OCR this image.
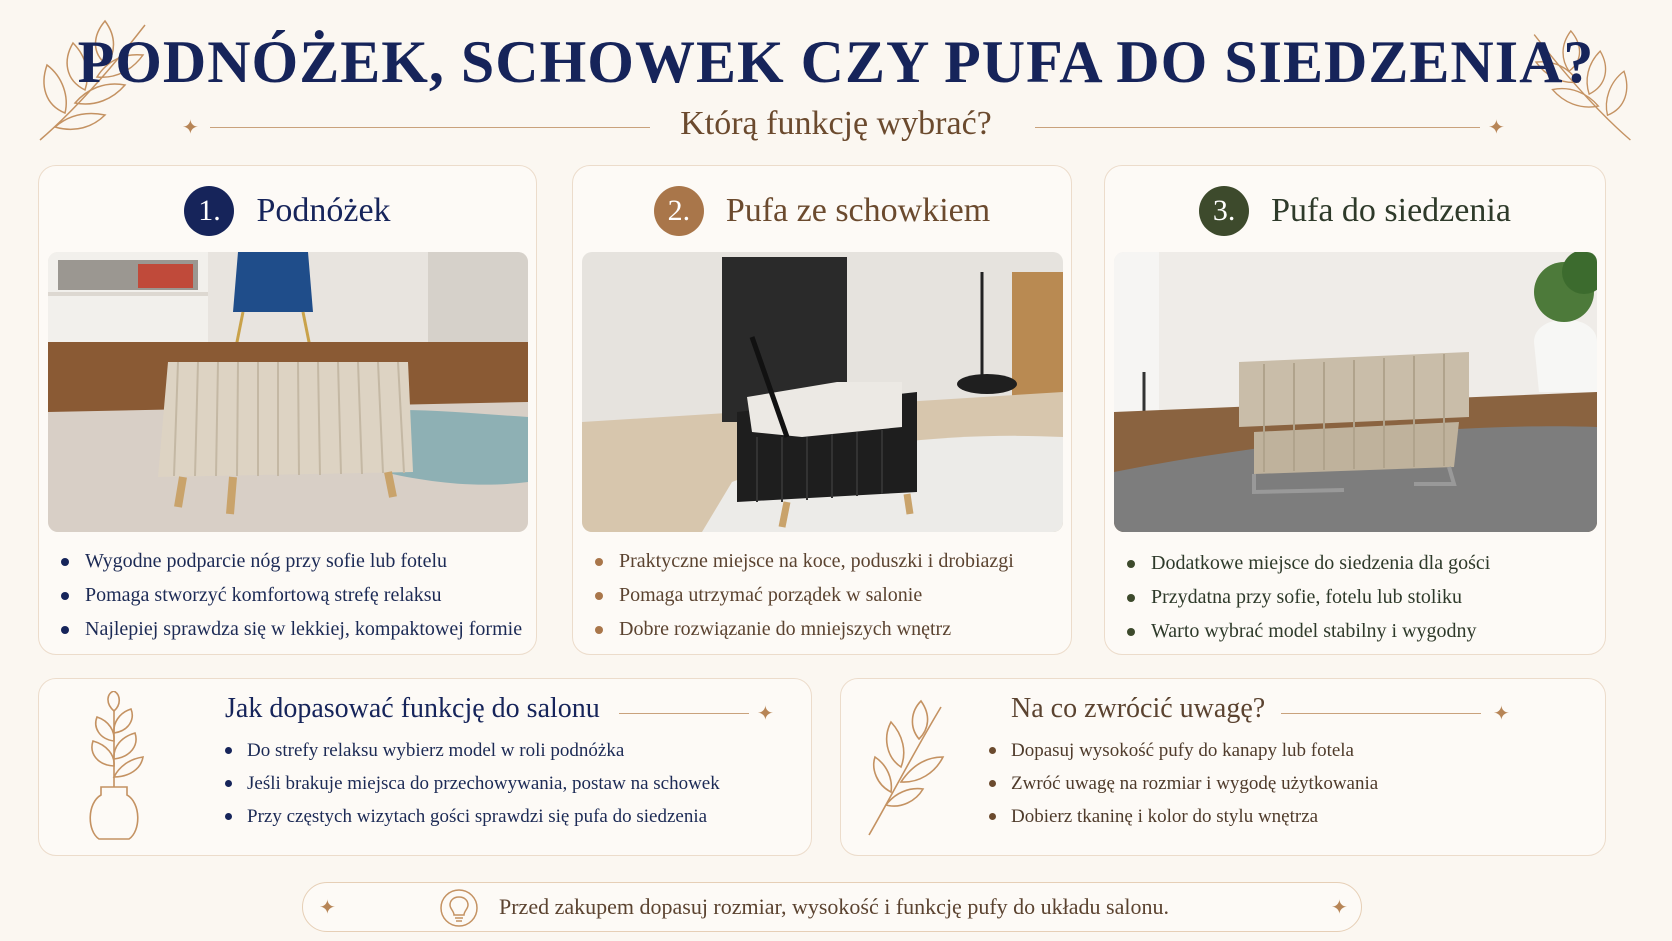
PODNÓŻEK, SCHOWEK CZY PUFA DO SIEDZENIA?
✦	Którą funkcję wybrać?	✦
1.	Podnóżek
Wygodne podparcie nóg przy sofie lub fotelu
Pomaga stworzyć komfortową strefę relaksu
Najlepiej sprawdza się w lekkiej, kompaktowej formie
2.	Pufa ze schowkiem
Praktyczne miejsce na koce, poduszki i drobiazgi
Pomaga utrzymać porządek w salonie
Dobre rozwiązanie do mniejszych wnętrz
3.	Pufa do siedzenia
Dodatkowe miejsce do siedzenia dla gości
Przydatna przy sofie, fotelu lub stoliku
Warto wybrać model stabilny i wygodny
Jak dopasować funkcję do salonu	✦
Do strefy relaksu wybierz model w roli podnóżka
Jeśli brakuje miejsca do przechowywania, postaw na schowek
Przy częstych wizytach gości sprawdzi się pufa do siedzenia
Na co zwrócić uwagę?	✦
Dopasuj wysokość pufy do kanapy lub fotela
Zwróć uwagę na rozmiar i wygodę użytkowania
Dobierz tkaninę i kolor do stylu wnętrza
✦	Przed zakupem dopasuj rozmiar, wysokość i funkcję pufy do układu salonu.	✦
